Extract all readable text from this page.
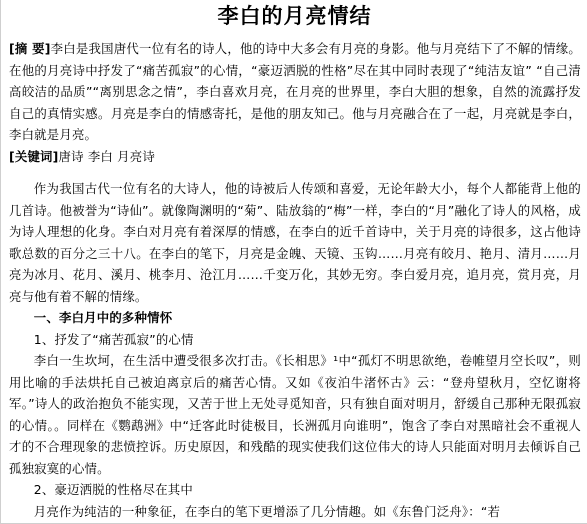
李白的月亮情结

[摘 要]李白是我国唐代一位有名的诗人，他的诗中大多会有月亮的身影。他与月亮结下了不解的情缘。在他的月亮诗中抒发了“痛苦孤寂”的心情，“豪迈洒脱的性格”尽在其中同时表现了“纯洁友谊” “自己清高皎洁的品质”“离别思念之情”，李白喜欢月亮，在月亮的世界里，李白大胆的想象，自然的流露抒发自己的真情实感。月亮是李白的情感寄托，是他的朋友知己。他与月亮融合在了一起，月亮就是李白，李白就是月亮。

[关键词]唐诗 李白 月亮诗

作为我国古代一位有名的大诗人，他的诗被后人传颂和喜爱，无论年龄大小，每个人都能背上他的几首诗。他被誉为“诗仙”。就像陶渊明的“菊”、陆放翁的“梅”一样，李白的“月”融化了诗人的风格，成为诗人理想的化身。李白对月亮有着深厚的情感，在李白的近千首诗中，关于月亮的诗很多，这占他诗歌总数的百分之三十八。在李白的笔下，月亮是金魄、天镜、玉钩……月亮有皎月、艳月、清月……月亮为冰月、花月、溪月、桃李月、沧江月……千变万化，其妙无穷。李白爱月亮，追月亮，赏月亮，月亮与他有着不解的情缘。

一、李白月中的多种情怀

1、抒发了“痛苦孤寂”的心情

李白一生坎坷，在生活中遭受很多次打击。《长相思》¹中“孤灯不明思欲绝，卷帷望月空长叹”，则用比喻的手法烘托自己被迫离京后的痛苦心情。又如《夜泊牛渚怀古》云：“登舟望秋月，空忆谢将军。”诗人的政治抱负不能实现，又苦于世上无处寻觅知音，只有独自面对明月，舒缓自己那种无限孤寂的心情。。同样在《鹦鹉洲》中“迁客此时徒极目，长洲孤月向谁明”，饱含了李白对黑暗社会不重视人才的不合理现象的悲愤控诉。历史原因，和残酷的现实使我们这位伟大的诗人只能面对明月去倾诉自己孤独寂寞的心情。

2、豪迈洒脱的性格尽在其中

月亮作为纯洁的一种象征，在李白的笔下更增添了几分情趣。如《东鲁门泛舟》：“若
